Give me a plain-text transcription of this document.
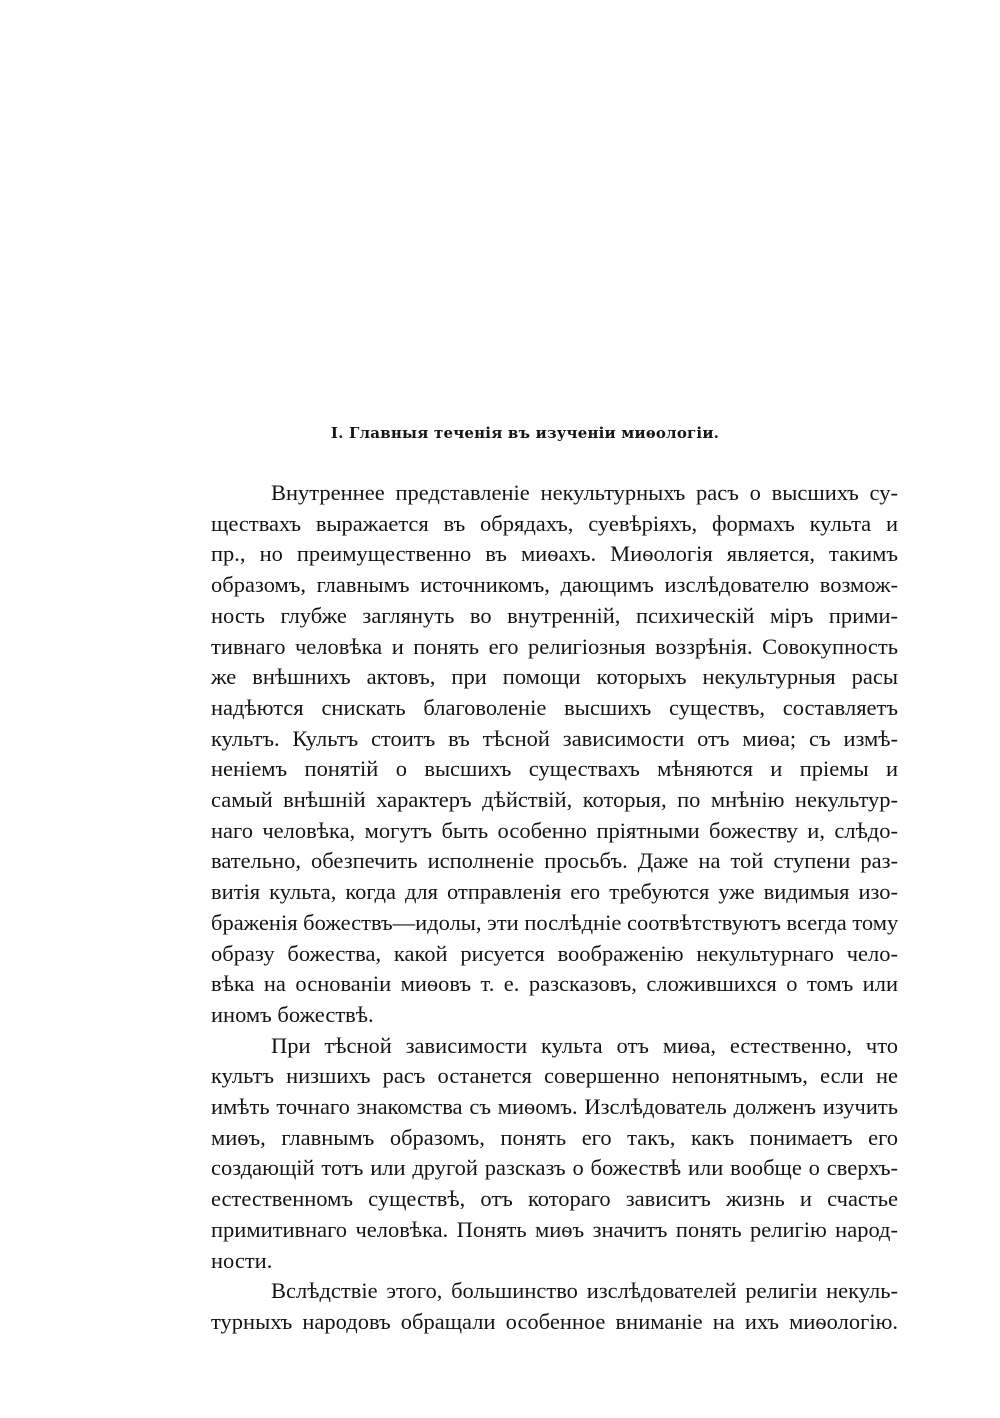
I. Главныя теченія въ изученіи миѳологіи.
Внутреннее представленіе некультурныхъ расъ о высшихъ су-
ществахъ выражается въ обрядахъ, суевѣріяхъ, формахъ культа и
пр., но преимущественно въ миѳахъ. Миѳологія является, такимъ
образомъ, главнымъ источникомъ, дающимъ изслѣдователю возмож-
ность глубже заглянуть во внутренній, психическій міръ прими-
тивнаго человѣка и понять его религіозныя воззрѣнія. Совокупность
же внѣшнихъ актовъ, при помощи которыхъ некультурныя расы
надѣются снискать благоволеніе высшихъ существъ, составляетъ
культъ. Культъ стоитъ въ тѣсной зависимости отъ миѳа; съ измѣ-
неніемъ понятій о высшихъ существахъ мѣняются и пріемы и
самый внѣшній характеръ дѣйствій, которыя, по мнѣнію некультур-
наго человѣка, могутъ быть особенно пріятными божеству и, слѣдо-
вательно, обезпечить исполненіе просьбъ. Даже на той ступени раз-
витія культа, когда для отправленія его требуются уже видимыя изо-
браженія божествъ—идолы, эти послѣдніе соотвѣтствуютъ всегда тому
образу божества, какой рисуется воображенію некультурнаго чело-
вѣка на основаніи миѳовъ т. е. разсказовъ, сложившихся о томъ или
иномъ божествѣ.
При тѣсной зависимости культа отъ миѳа, естественно, что
культъ низшихъ расъ останется совершенно непонятнымъ, если не
имѣть точнаго знакомства съ миѳомъ. Изслѣдователь долженъ изучить
миѳъ, главнымъ образомъ, понять его такъ, какъ понимаетъ его
создающій тотъ или другой разсказъ о божествѣ или вообще о сверхъ-
естественномъ существѣ, отъ котораго зависитъ жизнь и счастье
примитивнаго человѣка. Понять миѳъ значитъ понять религію народ-
ности.
Вслѣдствіе этого, большинство изслѣдователей религіи некуль-
турныхъ народовъ обращали особенное вниманіе на ихъ миѳологію.
